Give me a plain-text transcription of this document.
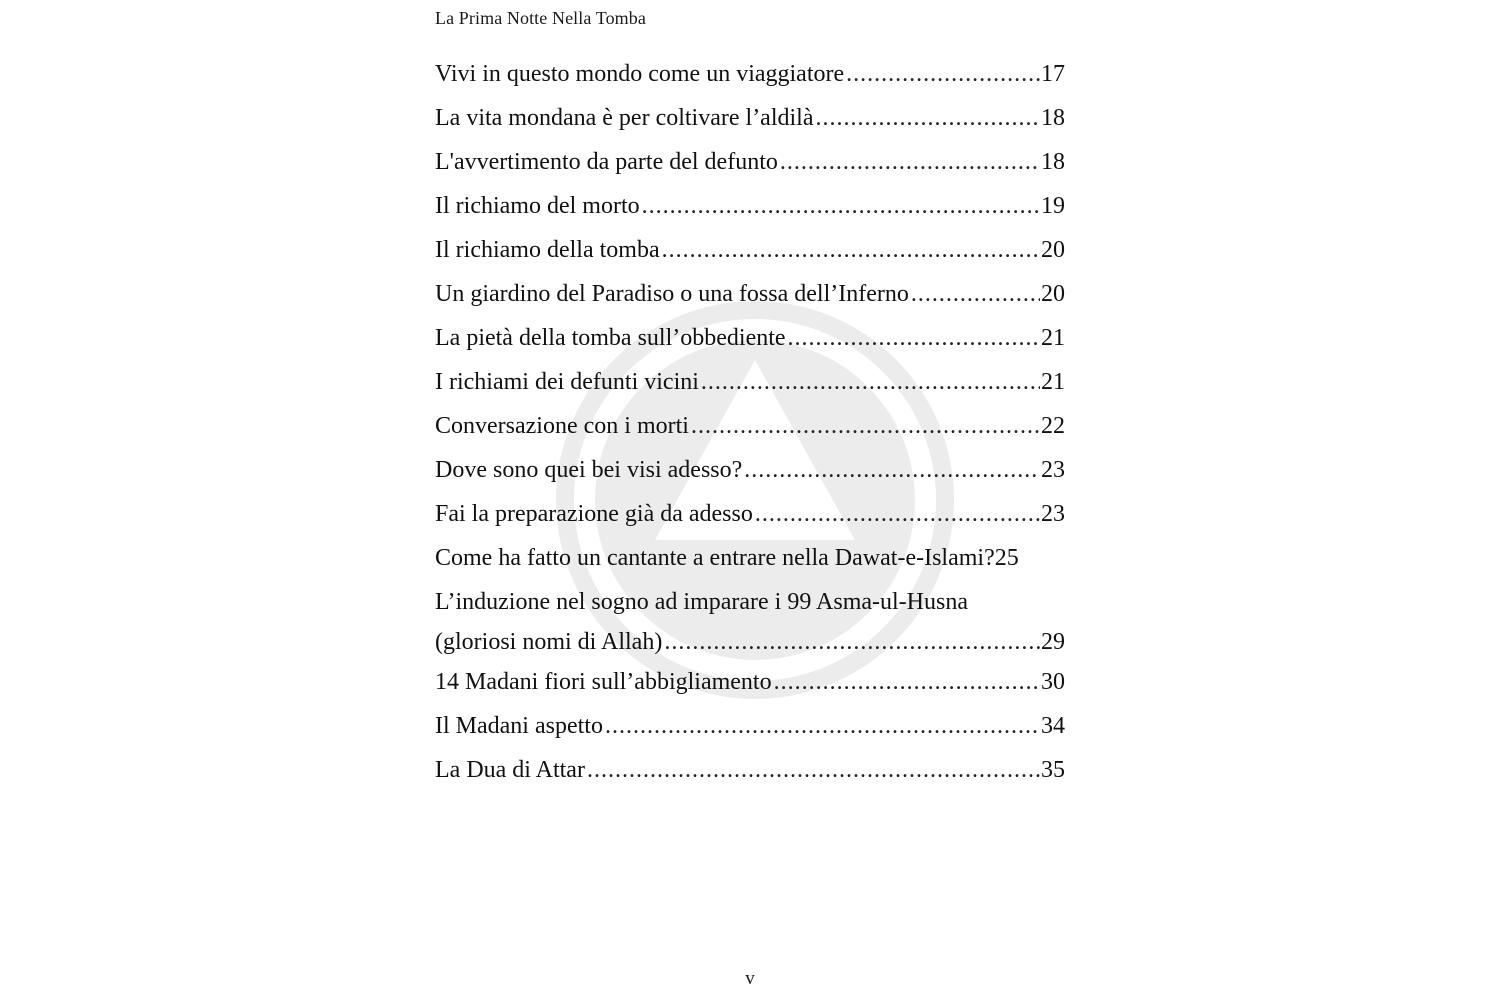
La Prima Notte Nella Tomba
Vivi in questo mondo come un viaggiatore .....	17
La vita mondana è per coltivare l’aldilà .....	18
L'avvertimento da parte del defunto .....	18
Il richiamo del morto .....	19
Il richiamo della tomba .....	20
Un giardino del Paradiso o una fossa dell’Inferno .....	20
La pietà della tomba sull’obbediente .....	21
I richiami dei defunti vicini .....	21
Conversazione con i morti .....	22
Dove sono quei bei visi adesso? .....	23
Fai la preparazione già da adesso .....	23
Come ha fatto un cantante a entrare nella Dawat-e-Islami? 25
L’induzione nel sogno ad imparare i 99 Asma-ul-Husna
(gloriosi nomi di Allah) .....	29
14 Madani fiori sull’abbigliamento .....	30
Il Madani aspetto .....	34
La Dua di Attar .....	35
v
